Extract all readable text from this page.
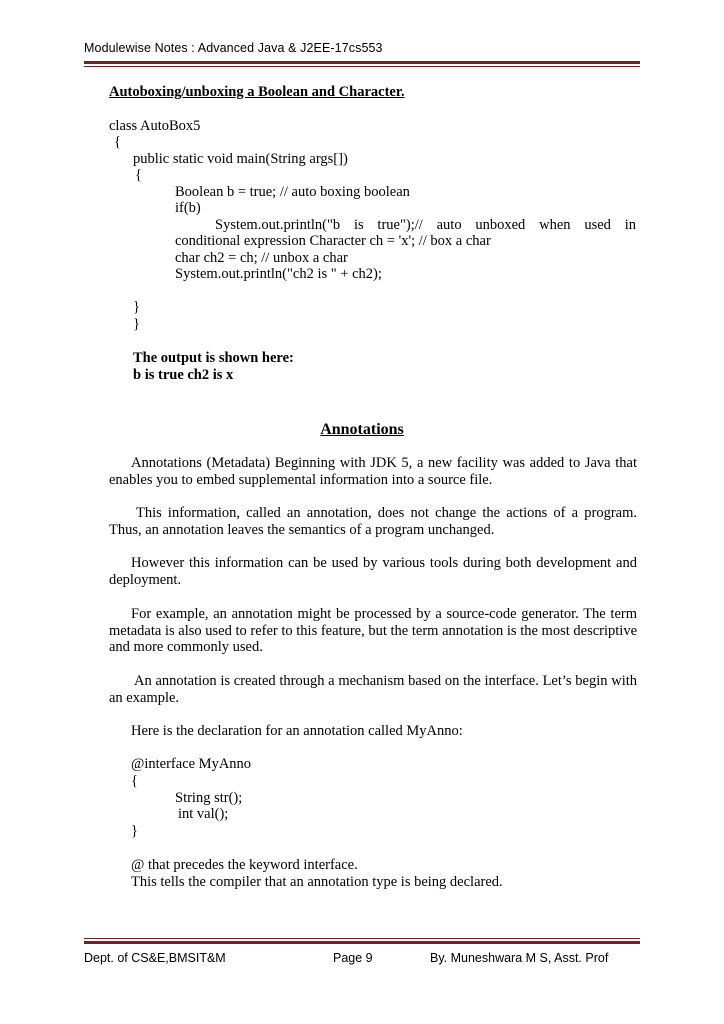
Modulewise Notes : Advanced Java & J2EE-17cs553
Autoboxing/unboxing a Boolean and Character.
class AutoBox5
{
public static void main(String args[])
{
Boolean b = true; // auto boxing boolean
if(b)
System.out.println("b is true");// auto unboxed when used in
conditional expression Character ch = 'x'; // box a char
char ch2 = ch; // unbox a char
System.out.println("ch2 is " + ch2);
}
}
The output is shown here:
b is true ch2 is x
Annotations
Annotations (Metadata) Beginning with JDK 5, a new facility was added to Java that enables you to embed supplemental information into a source file.
This information, called an annotation, does not change the actions of a program. Thus, an annotation leaves the semantics of a program unchanged.
However this information can be used by various tools during both development and deployment.
For example, an annotation might be processed by a source-code generator. The term metadata is also used to refer to this feature, but the term annotation is the most descriptive and more commonly used.
An annotation is created through a mechanism based on the interface. Let’s begin with an example.
Here is the declaration for an annotation called MyAnno:
@interface MyAnno
{
String str();
int val();
}
@ that precedes the keyword interface.
This tells the compiler that an annotation type is being declared.
Dept. of CS&E,BMSIT&M	Page 9	By. Muneshwara M S, Asst. Prof
